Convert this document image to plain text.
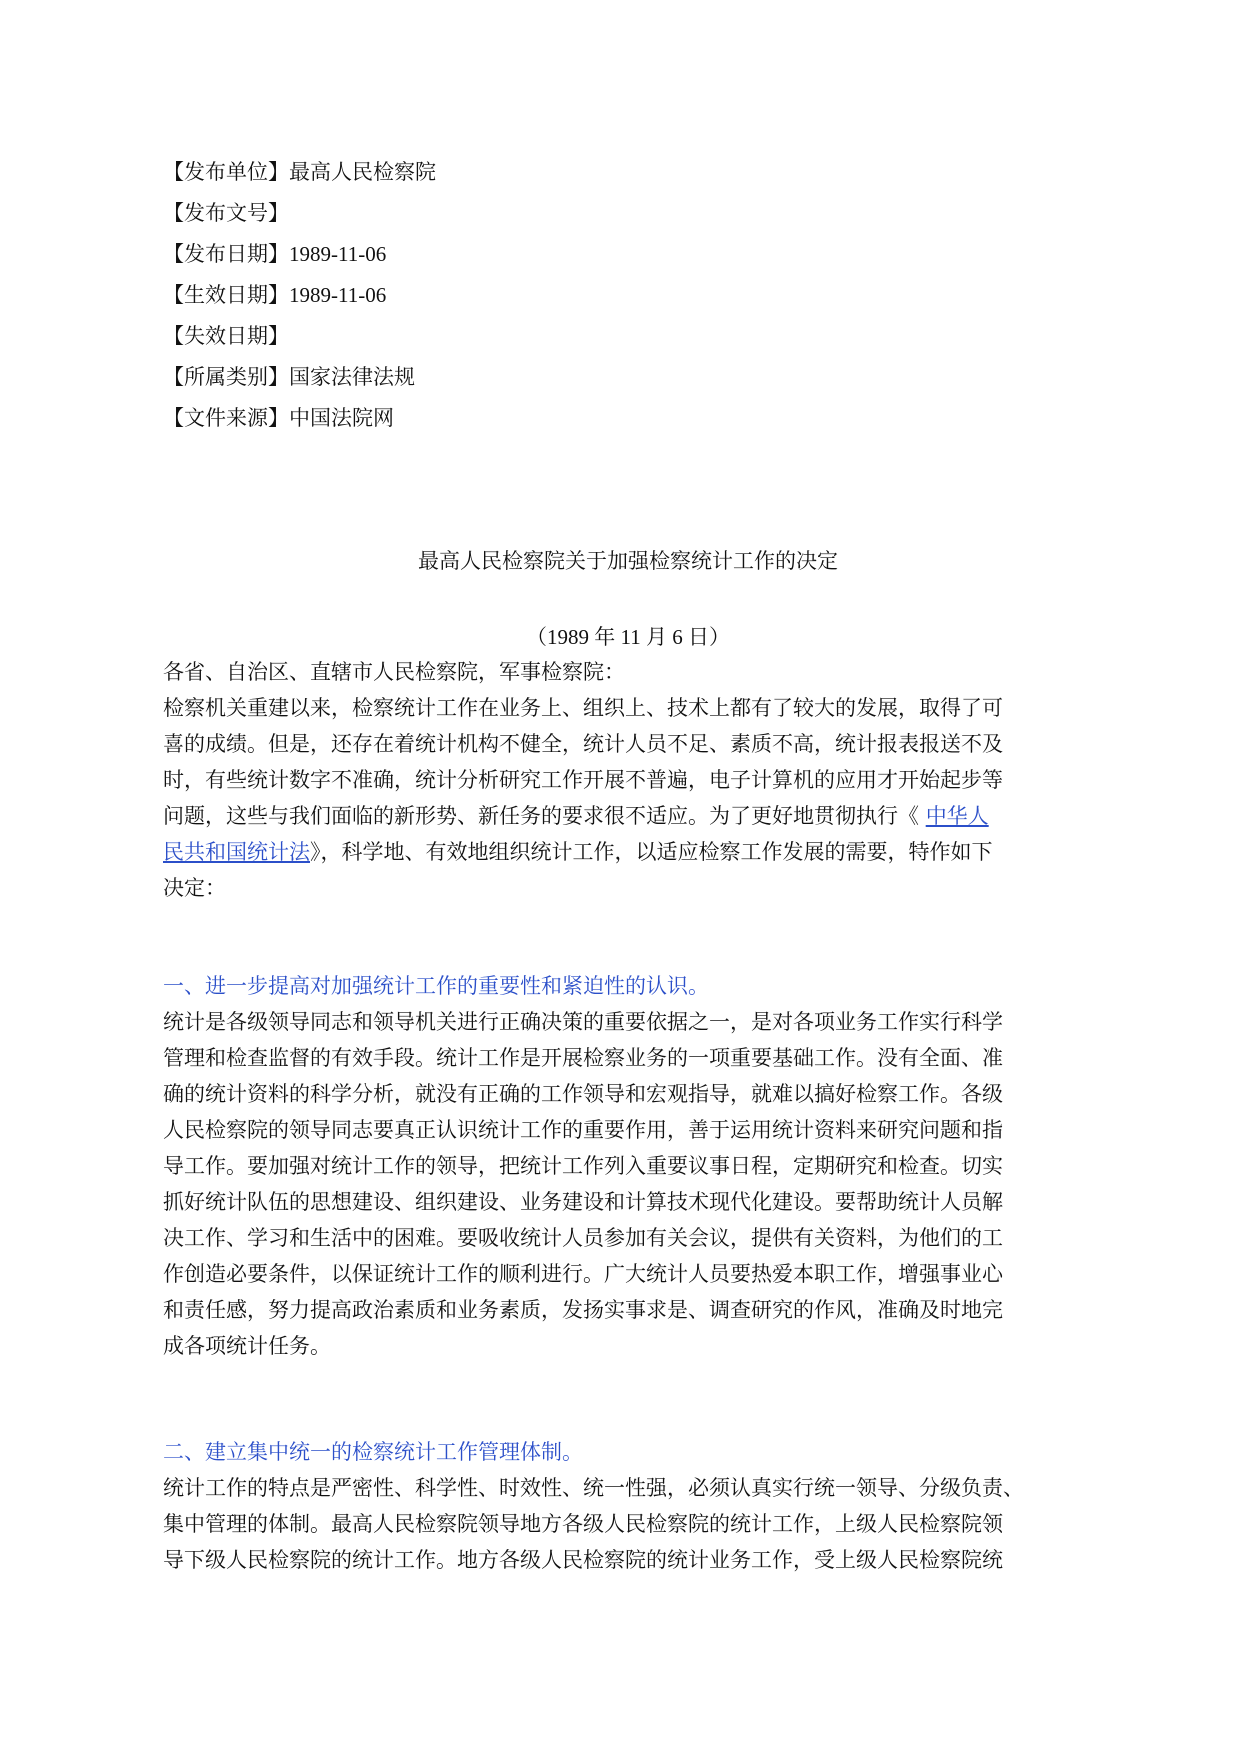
【发布单位】最高人民检察院
【发布文号】
【发布日期】1989-11-06
【生效日期】1989-11-06
【失效日期】
【所属类别】国家法律法规
【文件来源】中国法院网
最高人民检察院关于加强检察统计工作的决定
（1989 年 11 月 6 日）
各省、自治区、直辖市人民检察院，军事检察院：
检察机关重建以来，检察统计工作在业务上、组织上、技术上都有了较大的发展，取得了可
喜的成绩。但是，还存在着统计机构不健全，统计人员不足、素质不高，统计报表报送不及
时，有些统计数字不准确，统计分析研究工作开展不普遍，电子计算机的应用才开始起步等
问题，这些与我们面临的新形势、新任务的要求很不适应。为了更好地贯彻执行《 中华人
民共和国统计法》，科学地、有效地组织统计工作，以适应检察工作发展的需要，特作如下
决定：
一、进一步提高对加强统计工作的重要性和紧迫性的认识。
统计是各级领导同志和领导机关进行正确决策的重要依据之一，是对各项业务工作实行科学
管理和检查监督的有效手段。统计工作是开展检察业务的一项重要基础工作。没有全面、准
确的统计资料的科学分析，就没有正确的工作领导和宏观指导，就难以搞好检察工作。各级
人民检察院的领导同志要真正认识统计工作的重要作用，善于运用统计资料来研究问题和指
导工作。要加强对统计工作的领导，把统计工作列入重要议事日程，定期研究和检查。切实
抓好统计队伍的思想建设、组织建设、业务建设和计算技术现代化建设。要帮助统计人员解
决工作、学习和生活中的困难。要吸收统计人员参加有关会议，提供有关资料，为他们的工
作创造必要条件，以保证统计工作的顺利进行。广大统计人员要热爱本职工作，增强事业心
和责任感，努力提高政治素质和业务素质，发扬实事求是、调查研究的作风，准确及时地完
成各项统计任务。
二、建立集中统一的检察统计工作管理体制。
统计工作的特点是严密性、科学性、时效性、统一性强，必须认真实行统一领导、分级负责、
集中管理的体制。最高人民检察院领导地方各级人民检察院的统计工作，上级人民检察院领
导下级人民检察院的统计工作。地方各级人民检察院的统计业务工作，受上级人民检察院统
